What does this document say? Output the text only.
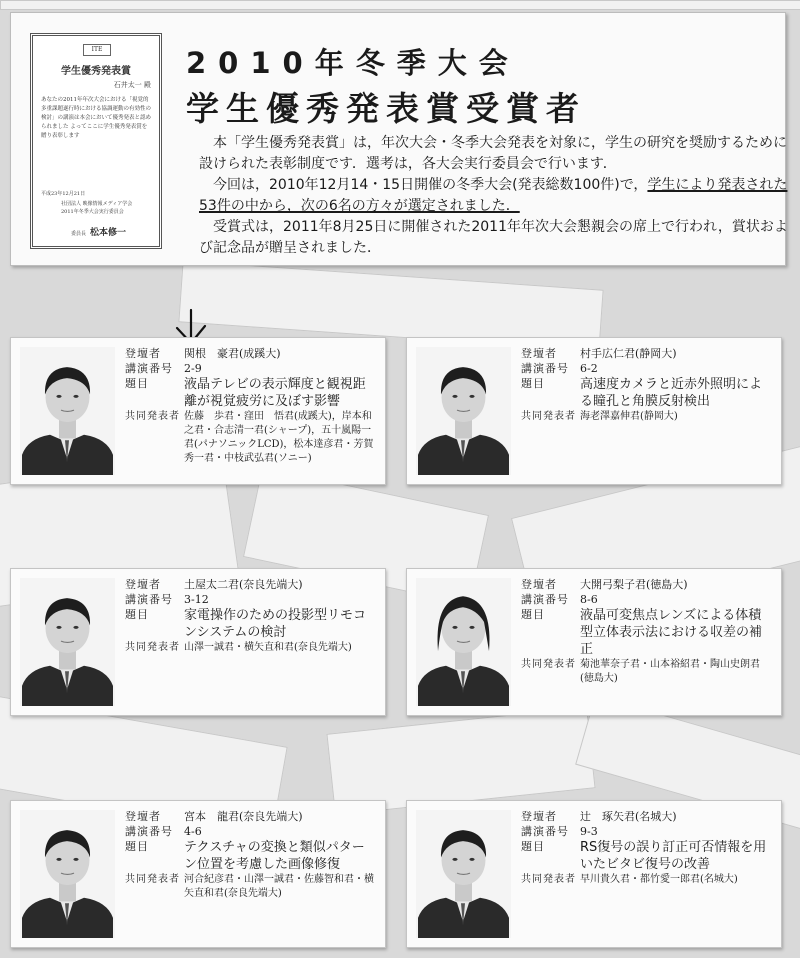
ITE
学生優秀発表賞
石井太一 殿
あなたの2011年年次大会における「視覚的多重課題遂行時における協調運動の有効性の検討」の講演は本会において優秀発表と認められました よってここに学生優秀発表賞を贈り表彰します
平成23年12月21日
社団法人 映像情報メディア学会
2011年冬季大会実行委員会
委員長 松本修一
2010年冬季大会
学生優秀発表賞受賞者

本「学生優秀発表賞」は，年次大会・冬季大会発表を対象に，学生の研究を奨励するために設けられた表彰制度です．選考は，各大会実行委員会で行います．

今回は，2010年12月14・15日開催の冬季大会(発表総数100件)で，学生により発表された53件の中から，次の6名の方々が選定されました．

受賞式は，2011年8月25日に開催された2011年年次大会懇親会の席上で行われ，賞状および記念品が贈呈されました．

登壇者	関根　豪君(成蹊大)
講演番号	2-9
題目	液晶テレビの表示輝度と観視距離が視覚疲労に及ぼす影響
共同発表者 佐藤　歩君・窪田　悟君(成蹊大)，岸本和之君・合志清一君(シャープ)，五十嵐陽一君(パナソニックLCD)，松本達彦君・芳賀秀一君・中枝武弘君(ソニー)
登壇者	村手広仁君(静岡大)
講演番号	6-2
題目	高速度カメラと近赤外照明による瞳孔と角膜反射検出
共同発表者 海老澤嘉伸君(静岡大)
登壇者	土屋太二君(奈良先端大)
講演番号	3-12
題目	家電操作のための投影型リモコンシステムの検討
共同発表者 山澤一誠君・横矢直和君(奈良先端大)
登壇者	大開弓梨子君(徳島大)
講演番号	8-6
題目	液晶可変焦点レンズによる体積型立体表示法における収差の補正
共同発表者 菊池華奈子君・山本裕紹君・陶山史朗君(徳島大)
登壇者	宮本　龍君(奈良先端大)
講演番号	4-6
題目	テクスチャの変換と類似パターン位置を考慮した画像修復
共同発表者 河合紀彦君・山澤一誠君・佐藤智和君・横矢直和君(奈良先端大)
登壇者	辻　琢矢君(名城大)
講演番号	9-3
題目	RS復号の誤り訂正可否情報を用いたビタビ復号の改善
共同発表者 早川貴久君・都竹愛一郎君(名城大)
